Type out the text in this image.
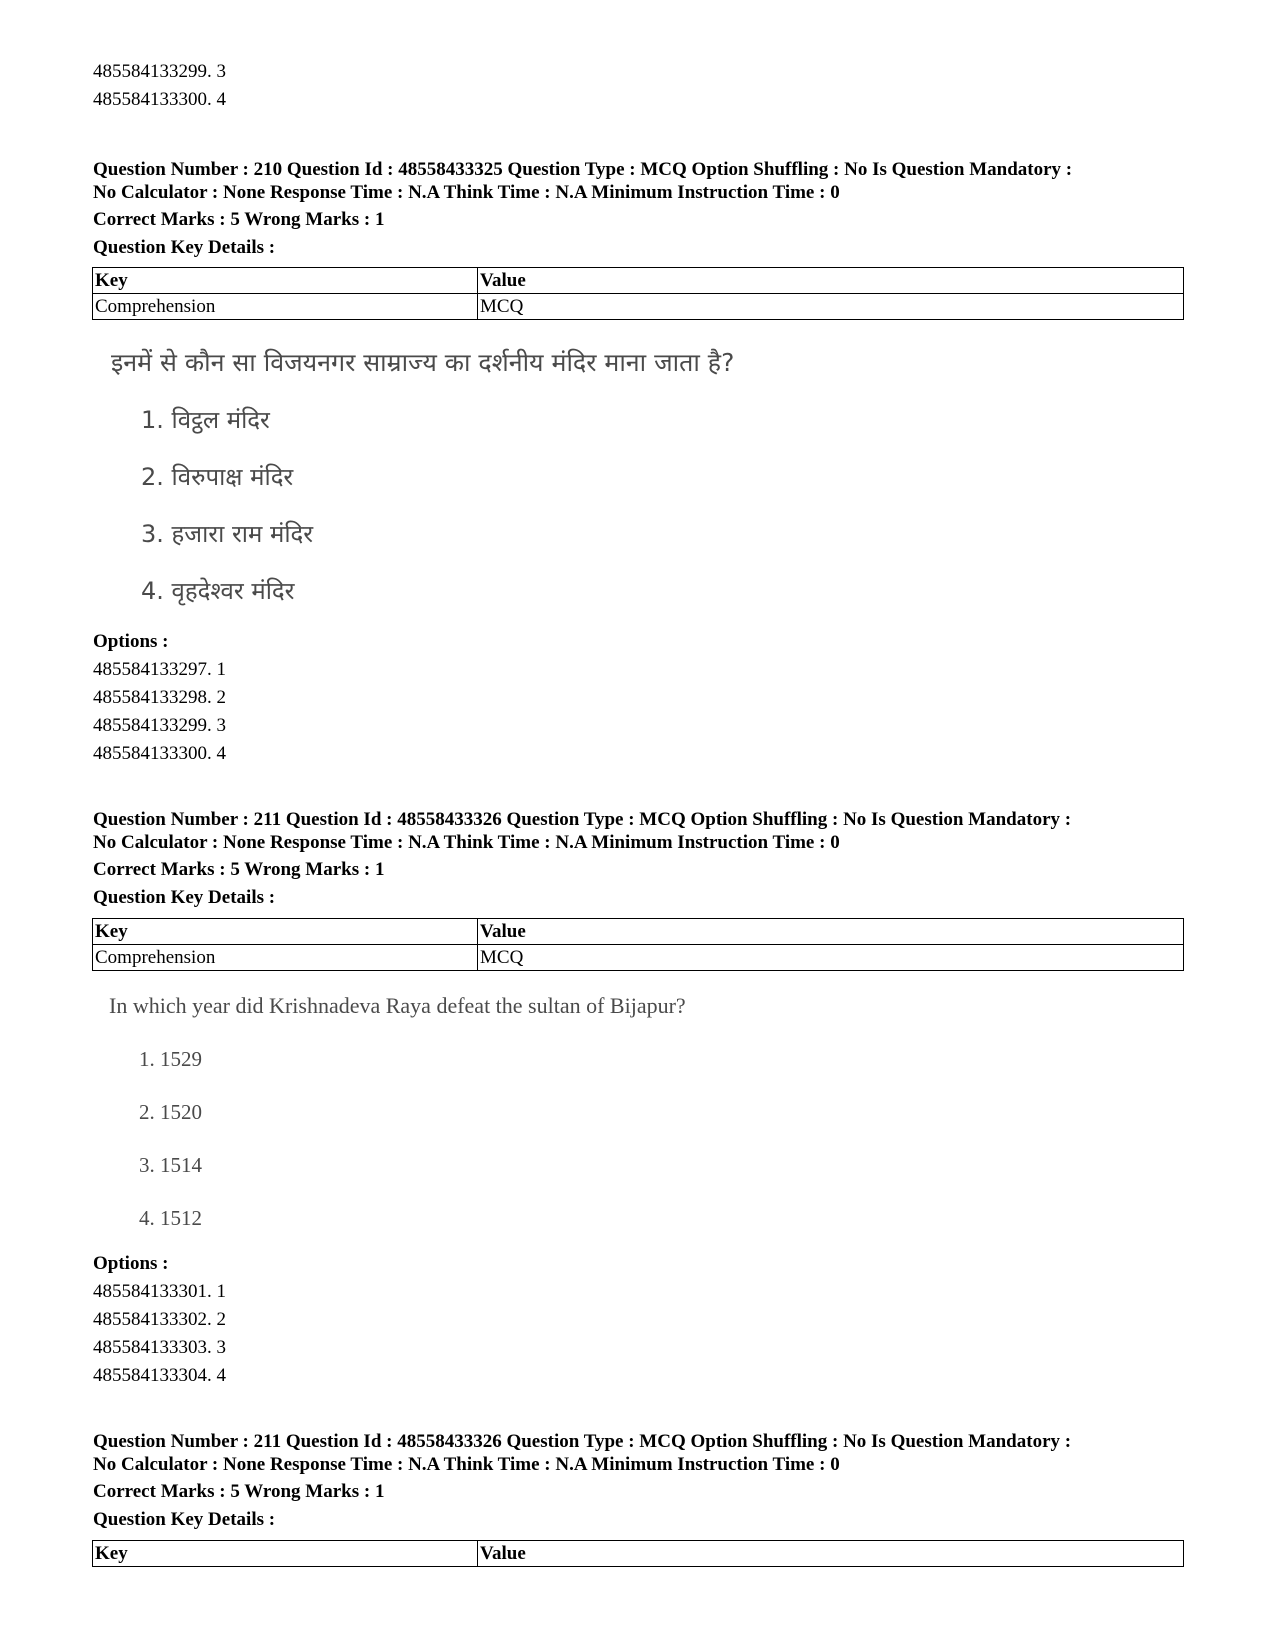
485584133299. 3
485584133300. 4
Question Number : 210 Question Id : 48558433325 Question Type : MCQ Option Shuffling : No Is Question Mandatory :
No Calculator : None Response Time : N.A Think Time : N.A Minimum Instruction Time : 0
Correct Marks : 5 Wrong Marks : 1
Question Key Details :
Key	Value
Comprehension	MCQ
इनमें से कौन सा विजयनगर साम्राज्य का दर्शनीय मंदिर माना जाता है?
1. विट्ठल मंदिर
2. विरुपाक्ष मंदिर
3. हजारा राम मंदिर
4. वृहदेश्वर मंदिर
Options :
485584133297. 1
485584133298. 2
485584133299. 3
485584133300. 4
Question Number : 211 Question Id : 48558433326 Question Type : MCQ Option Shuffling : No Is Question Mandatory :
No Calculator : None Response Time : N.A Think Time : N.A Minimum Instruction Time : 0
Correct Marks : 5 Wrong Marks : 1
Question Key Details :
Key	Value
Comprehension	MCQ
In which year did Krishnadeva Raya defeat the sultan of Bijapur?
1. 1529
2. 1520
3. 1514
4. 1512
Options :
485584133301. 1
485584133302. 2
485584133303. 3
485584133304. 4
Question Number : 211 Question Id : 48558433326 Question Type : MCQ Option Shuffling : No Is Question Mandatory :
No Calculator : None Response Time : N.A Think Time : N.A Minimum Instruction Time : 0
Correct Marks : 5 Wrong Marks : 1
Question Key Details :
Key	Value
